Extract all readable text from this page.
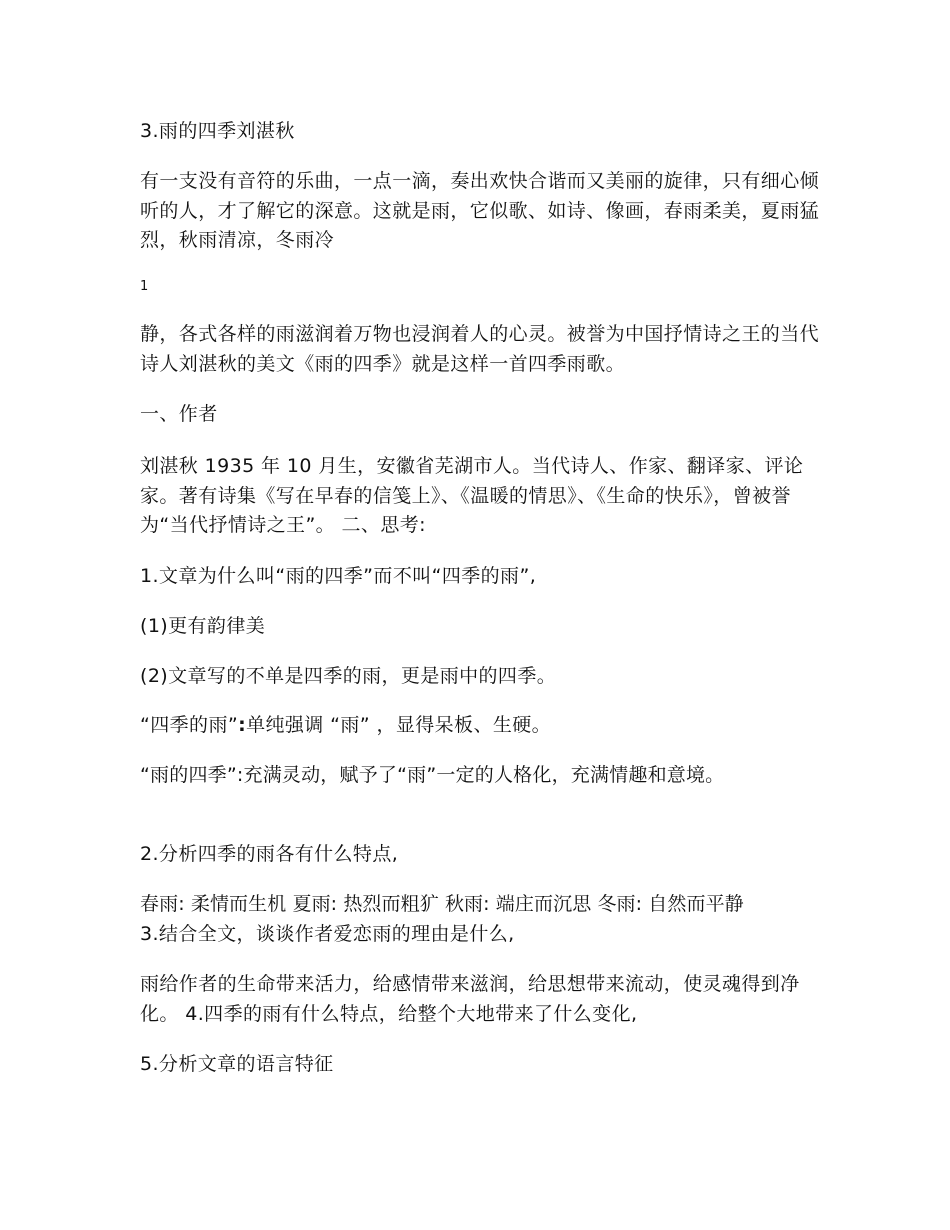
3.雨的四季刘湛秋

有一支没有音符的乐曲，一点一滴，奏出欢快合谐而又美丽的旋律，只有细心倾听的人，才了解它的深意。这就是雨，它似歌、如诗、像画，春雨柔美，夏雨猛烈，秋雨清凉，冬雨冷

1

静，各式各样的雨滋润着万物也浸润着人的心灵。被誉为中国抒情诗之王的当代诗人刘湛秋的美文《雨的四季》就是这样一首四季雨歌。

一、作者

刘湛秋 1935 年 10 月生，安徽省芜湖市人。当代诗人、作家、翻译家、评论家。著有诗集《写在早春的信笺上》、《温暖的情思》、《生命的快乐》，曾被誉为“当代抒情诗之王”。 二、思考:

1.文章为什么叫“雨的四季”而不叫“四季的雨”,

(1)更有韵律美

(2)文章写的不单是四季的雨，更是雨中的四季。

“四季的雨”:单纯强调 “雨” ，显得呆板、生硬。

“雨的四季”:充满灵动，赋予了“雨”一定的人格化，充满情趣和意境。

2.分析四季的雨各有什么特点,

春雨: 柔情而生机 夏雨: 热烈而粗犷 秋雨: 端庄而沉思 冬雨: 自然而平静

3.结合全文，谈谈作者爱恋雨的理由是什么,

雨给作者的生命带来活力，给感情带来滋润，给思想带来流动，使灵魂得到净化。 4.四季的雨有什么特点，给整个大地带来了什么变化,

5.分析文章的语言特征
